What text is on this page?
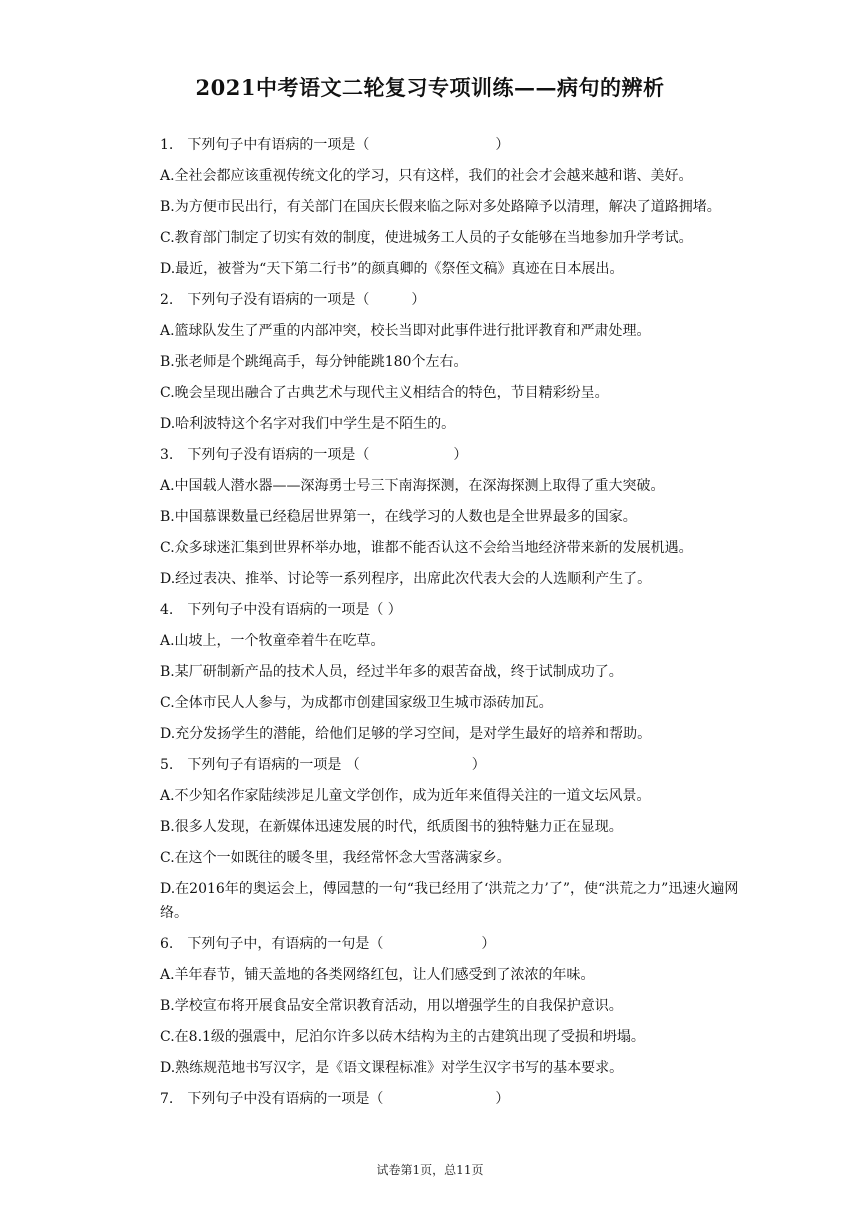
2021中考语文二轮复习专项训练——病句的辨析
1.　下列句子中有语病的一项是（　　　　　　　　　）
A.全社会都应该重视传统文化的学习，只有这样，我们的社会才会越来越和谐、美好。
B.为方便市民出行，有关部门在国庆长假来临之际对多处路障予以清理，解决了道路拥堵。
C.教育部门制定了切实有效的制度，使进城务工人员的子女能够在当地参加升学考试。
D.最近，被誉为“天下第二行书”的颜真卿的《祭侄文稿》真迹在日本展出。
2.　下列句子没有语病的一项是（　　　）
A.篮球队发生了严重的内部冲突，校长当即对此事件进行批评教育和严肃处理。
B.张老师是个跳绳高手，每分钟能跳180个左右。
C.晚会呈现出融合了古典艺术与现代主义相结合的特色，节目精彩纷呈。
D.哈利波特这个名字对我们中学生是不陌生的。
3.　下列句子没有语病的一项是（　　　　　　）
A.中国载人潜水器——深海勇士号三下南海探测，在深海探测上取得了重大突破。
B.中国慕课数量已经稳居世界第一，在线学习的人数也是全世界最多的国家。
C.众多球迷汇集到世界杯举办地，谁都不能否认这不会给当地经济带来新的发展机遇。
D.经过表决、推举、讨论等一系列程序，出席此次代表大会的人选顺利产生了。
4.　下列句子中没有语病的一项是（ ）
A.山坡上，一个牧童牵着牛在吃草。
B.某厂研制新产品的技术人员，经过半年多的艰苦奋战，终于试制成功了。
C.全体市民人人参与，为成都市创建国家级卫生城市添砖加瓦。
D.充分发扬学生的潜能，给他们足够的学习空间，是对学生最好的培养和帮助。
5.　下列句子有语病的一项是 （　　　　　　　　）
A.不少知名作家陆续涉足儿童文学创作，成为近年来值得关注的一道文坛风景。
B.很多人发现，在新媒体迅速发展的时代，纸质图书的独特魅力正在显现。
C.在这个一如既往的暖冬里，我经常怀念大雪落满家乡。
D.在2016年的奥运会上，傅园慧的一句“我已经用了‘洪荒之力’了”，使“洪荒之力”迅速火遍网络。
6.　下列句子中，有语病的一句是（　　　　　　　）
A.羊年春节，铺天盖地的各类网络红包，让人们感受到了浓浓的年味。
B.学校宣布将开展食品安全常识教育活动，用以增强学生的自我保护意识。
C.在8.1级的强震中，尼泊尔许多以砖木结构为主的古建筑出现了受损和坍塌。
D.熟练规范地书写汉字，是《语文课程标准》对学生汉字书写的基本要求。
7.　下列句子中没有语病的一项是（　　　　　　　　）
试卷第1页，总11页
